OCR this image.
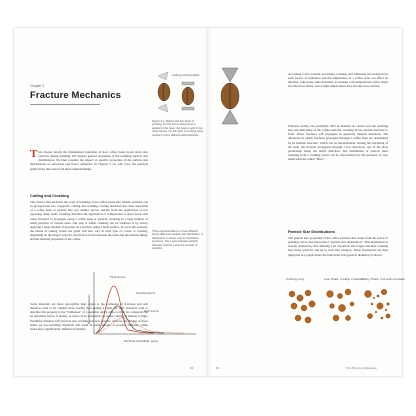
Chapter 3
Fracture Mechanics
Cutting (sharp) teeth
Figure 3.1: Depicts the two kinds of grinding. On the left a cutting force is applied to the bean: the bean is split in two clean halves. On the right, a crushing force results in many different sized particles.
This chapter details the fundamental principles of how coffee beans break down into particles during grinding. We explore general properties of the resulting particle size distributions. We then consider the impact of specific properties of the particle size distributions on extraction and flavor dynamics. In Chapter 3 we will cover the practical applications that arise from these understandings.
Cutting and Crushing
The science that performs the work of breaking down coffee beans into smaller particles can be grouped into two categories: cutting and crushing. Cutting describes the clean separation of a coffee bean or particle into two distinct pieces, usually from the application of two opposing, sharp teeth. Crushing describes the application of compression or shear forces that cause fractures to propagate along a coffee bean or particle, resulting in a large number of small particles of various sizes. Our step is which crushing can be achieved is by slowly applying a large amount of pressure on a particle, using a blunt surface. In a real life scenario, the nature of cutting versus the grind will also vary in each type of coarse or roasting, depending on the impact velocity, the friction forces between the teeth and the internal lining, and the material properties of the coffee.
Some materials are more susceptible than others to the formation of fractures and will therefore tend to be crushed more readily than ending a clean cut. One technical term to describe this property is the "brittleness" of a material, and it refers to how far a material can be deformed before it breaks. A clean cut in a material (as in the cutting of cheese) is high-flexibility material will result in less cracking and less powder, whereas the cutting of more brittle (or low-ductility) materials will result in some amount of powder. Different coffee beans have significantly different ductilities,
These representations of how different forces affect the particle size distribution. A distribution is shown only for illustrative purposes. The x-axis indicates particle diameter and the y-axis the number of particles.
63
Fine burrs
Coarse burrs
Dull burrs
Particle diameter (μm)
Number of particles
According to the recently processing, roasting, and additional processing those such factors as hydration and the temperature of a coffee bean can affect its ductility. Like many other materials, at extreme cold temperatures coffee beans become more brittle, and at high temperatures they become more ductile.
Whereas cutting can potentially offer an element of control over the resulting size and uniformity of the coffee particles, crushing forces random fractures to form. These fractures will propagate in generally random directions. The directions in which fractures propagate through a coffee bean are determined by its internal structure, which can be unpredictable. During the fracturing of the bean, the fracture propagates through a few directions, one of the most predictable being the brittle direction. The distribution of particle sizes resulting from a crushing action can be characterized by the presence of very small particles called "fines".
Particle Size Distributions
The general size properties of the coffee particles that result from the action of grinding can be described with a "particle size distribution." This distribution is usually obtained by first defining a set of particle size ranges and then counting how many particles end up in each size category. These frequencies are then displayed in a graph where the horizontal axis (particle diameter) is shown
Cutting only	Low fines, mostly crushed
Many fines, cut and crushed
64	The Physics of Espresso
